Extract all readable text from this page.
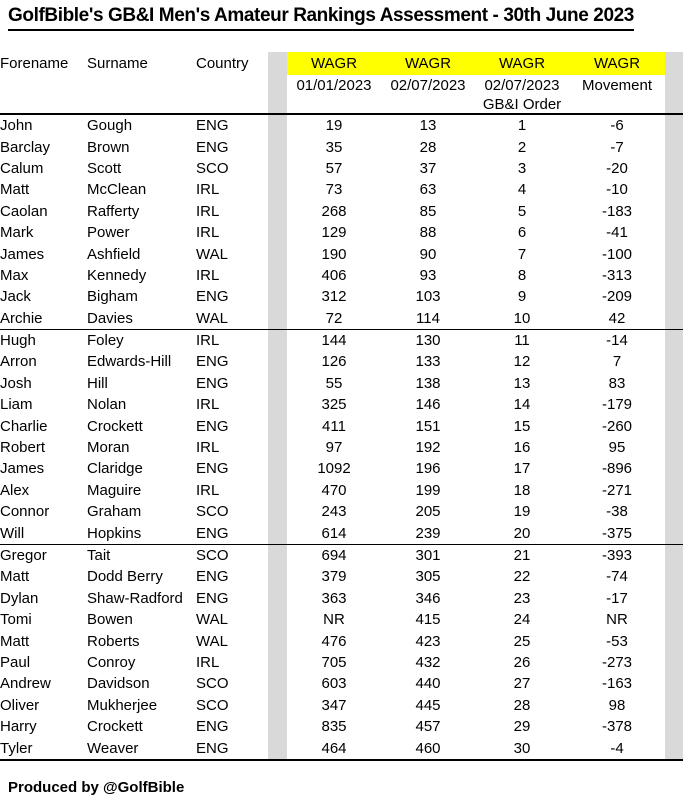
GolfBible's GB&I Men's Amateur Rankings Assessment - 30th June 2023
Forename	Surname	Country		WAGR	WAGR	WAGR	WAGR		
				01/01/2023	02/07/2023	02/07/2023	Movement		
						GB&I Order			
John	Gough	ENG		19	13	1	-6		
Barclay	Brown	ENG		35	28	2	-7		
Calum	Scott	SCO		57	37	3	-20		
Matt	McClean	IRL		73	63	4	-10		
Caolan	Rafferty	IRL		268	85	5	-183		
Mark	Power	IRL		129	88	6	-41		
James	Ashfield	WAL		190	90	7	-100		
Max	Kennedy	IRL		406	93	8	-313		
Jack	Bigham	ENG		312	103	9	-209		
Archie	Davies	WAL		72	114	10	42		
Hugh	Foley	IRL		144	130	11	-14		
Arron	Edwards-Hill	ENG		126	133	12	7		
Josh	Hill	ENG		55	138	13	83		
Liam	Nolan	IRL		325	146	14	-179		
Charlie	Crockett	ENG		411	151	15	-260		
Robert	Moran	IRL		97	192	16	95		
James	Claridge	ENG		1092	196	17	-896		
Alex	Maguire	IRL		470	199	18	-271		
Connor	Graham	SCO		243	205	19	-38		
Will	Hopkins	ENG		614	239	20	-375		
Gregor	Tait	SCO		694	301	21	-393		
Matt	Dodd Berry	ENG		379	305	22	-74		
Dylan	Shaw-Radford	ENG		363	346	23	-17		
Tomi	Bowen	WAL		NR	415	24	NR		
Matt	Roberts	WAL		476	423	25	-53		
Paul	Conroy	IRL		705	432	26	-273		
Andrew	Davidson	SCO		603	440	27	-163		
Oliver	Mukherjee	SCO		347	445	28	98		
Harry	Crockett	ENG		835	457	29	-378		
Tyler	Weaver	ENG		464	460	30	-4		
Produced by @GolfBible
